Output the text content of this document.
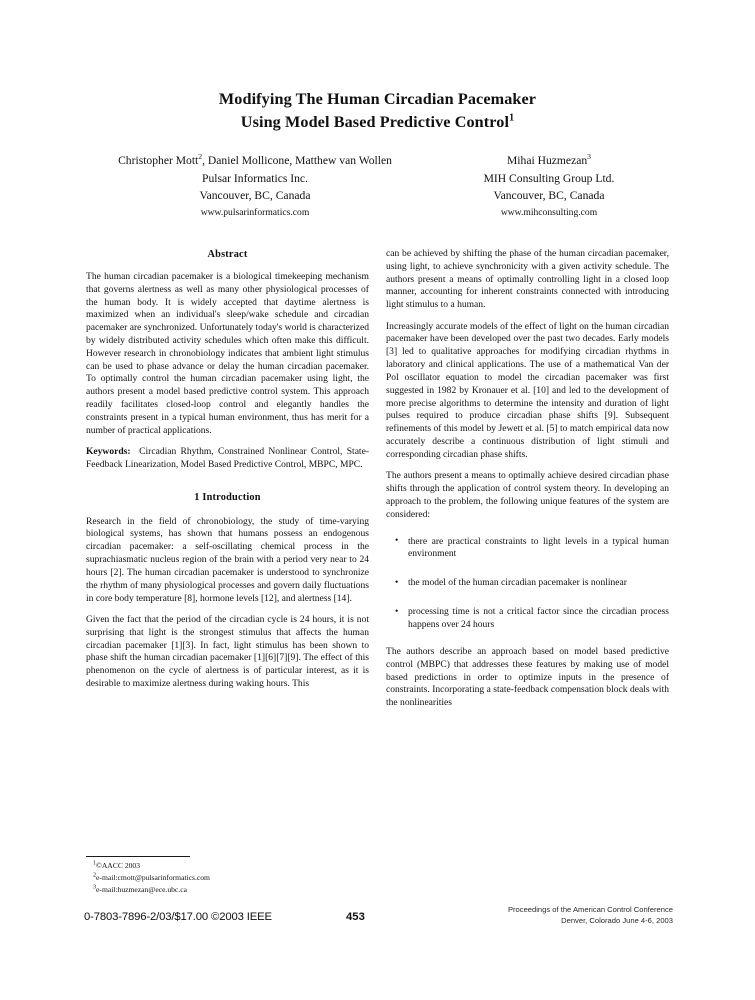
Modifying The Human Circadian Pacemaker
Using Model Based Predictive Control$^1$
Christopher Mott$^2$, Daniel Mollicone, Matthew van Wollen
Pulsar Informatics Inc.
Vancouver, BC, Canada
www.pulsarinformatics.com
Mihai Huzmezan$^3$
MIH Consulting Group Ltd.
Vancouver, BC, Canada
www.mihconsulting.com
Abstract

The human circadian pacemaker is a biological timekeeping mechanism that governs alertness as well as many other physiological processes of the human body. It is widely accepted that daytime alertness is maximized when an individual's sleep/wake schedule and circadian pacemaker are synchronized. Unfortunately today's world is characterized by widely distributed activity schedules which often make this difficult. However research in chronobiology indicates that ambient light stimulus can be used to phase advance or delay the human circadian pacemaker. To optimally control the human circadian pacemaker using light, the authors present a model based predictive control system. This approach readily facilitates closed-loop control and elegantly handles the constraints present in a typical human environment, thus has merit for a number of practical applications.

Keywords: Circadian Rhythm, Constrained Nonlinear Control, State-Feedback Linearization, Model Based Predictive Control, MBPC, MPC.

1 Introduction

Research in the field of chronobiology, the study of time-varying biological systems, has shown that humans possess an endogenous circadian pacemaker: a self-oscillating chemical process in the suprachiasmatic nucleus region of the brain with a period very near to 24 hours [2]. The human circadian pacemaker is understood to synchronize the rhythm of many physiological processes and govern daily fluctuations in core body temperature [8], hormone levels [12], and alertness [14].

Given the fact that the period of the circadian cycle is 24 hours, it is not surprising that light is the strongest stimulus that affects the human circadian pacemaker [1][3]. In fact, light stimulus has been shown to phase shift the human circadian pacemaker [1][6][7][9]. The effect of this phenomenon on the cycle of alertness is of particular interest, as it is desirable to maximize alertness during waking hours. This

can be achieved by shifting the phase of the human circadian pacemaker, using light, to achieve synchronicity with a given activity schedule. The authors present a means of optimally controlling light in a closed loop manner, accounting for inherent constraints connected with introducing light stimulus to a human.

Increasingly accurate models of the effect of light on the human circadian pacemaker have been developed over the past two decades. Early models [3] led to qualitative approaches for modifying circadian rhythms in laboratory and clinical applications. The use of a mathematical Van der Pol oscillator equation to model the circadian pacemaker was first suggested in 1982 by Kronauer et al. [10] and led to the development of more precise algorithms to determine the intensity and duration of light pulses required to produce circadian phase shifts [9]. Subsequent refinements of this model by Jewett et al. [5] to match empirical data now accurately describe a continuous distribution of light stimuli and corresponding circadian phase shifts.

The authors present a means to optimally achieve desired circadian phase shifts through the application of control system theory. In developing an approach to the problem, the following unique features of the system are considered:

• there are practical constraints to light levels in a typical human environment
• the model of the human circadian pacemaker is nonlinear
• processing time is not a critical factor since the circadian process happens over 24 hours

The authors describe an approach based on model based predictive control (MBPC) that addresses these features by making use of model based predictions in order to optimize inputs in the presence of constraints. Incorporating a state-feedback compensation block deals with the nonlinearities

$^1$©AACC 2003
$^2$e-mail:cmott@pulsarinformatics.com
$^3$e-mail:huzmezan@ece.ubc.ca
0-7803-7896-2/03/$17.00 ©2003 IEEE	453
Proceedings of the American Control Conference
Denver, Colorado June 4-6, 2003
